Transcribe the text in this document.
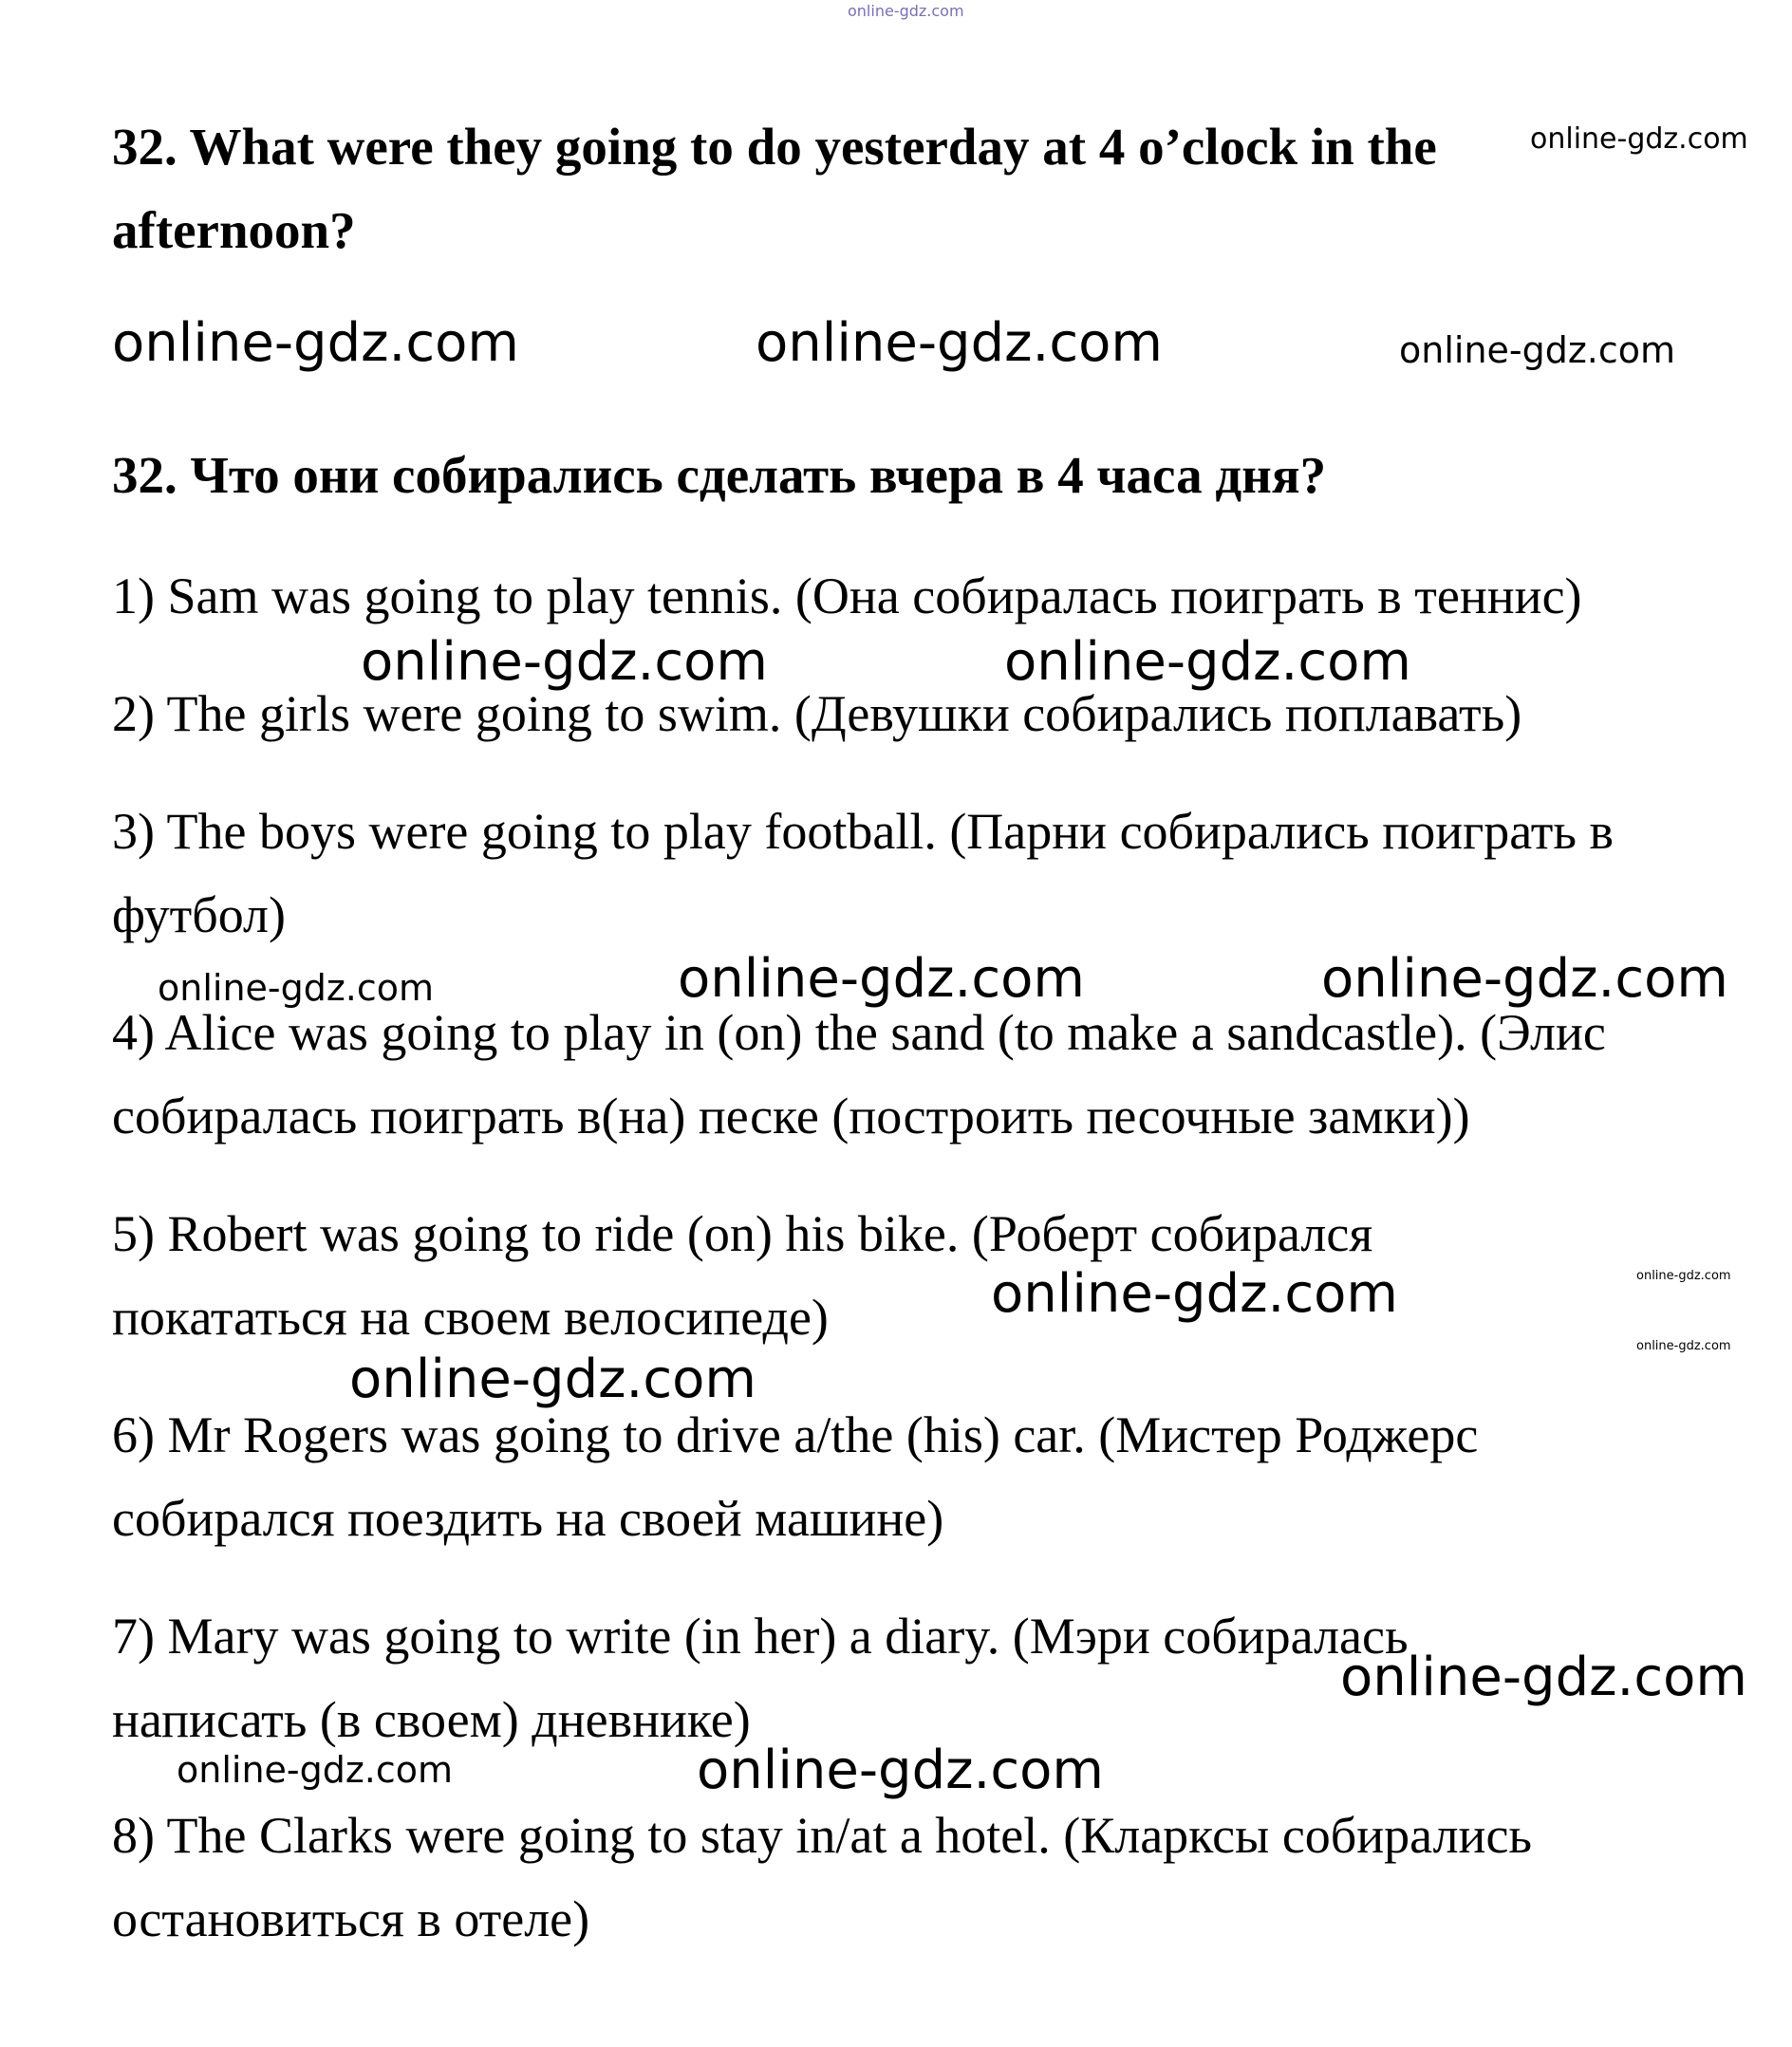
online-gdz.com
32. What were they going to do yesterday at 4 o’clock in the	online-gdz.com
afternoon?
online-gdz.com	online-gdz.com	online-gdz.com
32. Что они собирались сделать вчера в 4 часа дня?
1) Sam was going to play tennis. (Она собиралась поиграть в теннис)
online-gdz.com	online-gdz.com
2) The girls were going to swim. (Девушки собирались поплавать)
3) The boys were going to play football. (Парни собирались поиграть в
футбол)
online-gdz.com	online-gdz.com	online-gdz.com
4) Alice was going to play in (on) the sand (to make a sandcastle). (Элис
собиралась поиграть в(на) песке (построить песочные замки))
5) Robert was going to ride (on) his bike. (Роберт собирался
online-gdz.com
online-gdz.com
покататься на своем велосипеде)
online-gdz.com
online-gdz.com
6) Mr Rogers was going to drive a/the (his) car. (Мистер Роджерс
собирался поездить на своей машине)
7) Mary was going to write (in her) a diary. (Мэри собиралась
online-gdz.com
написать (в своем) дневнике)
online-gdz.com	online-gdz.com
8) The Clarks were going to stay in/at a hotel. (Кларксы собирались
остановиться в отеле)
